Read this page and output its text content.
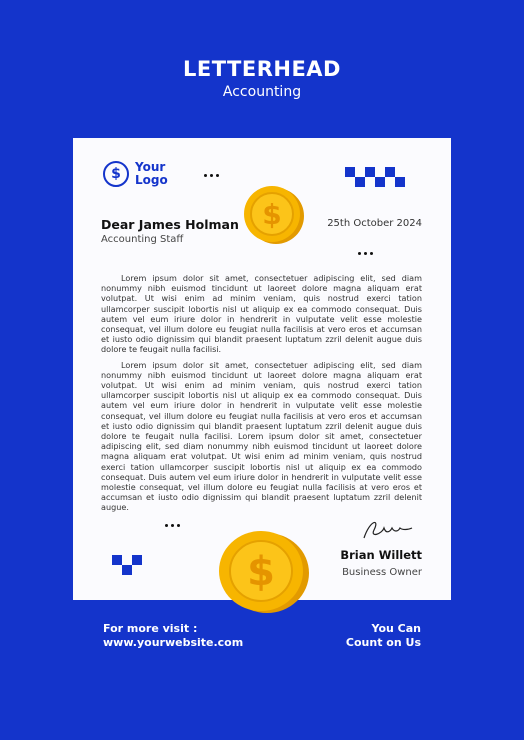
LETTERHEAD
Accounting
$	Your
Logo
$
Dear James Holman
Accounting Staff
25th October 2024

Lorem ipsum dolor sit amet, consectetuer adipiscing elit, sed diam nonummy nibh euismod tincidunt ut laoreet dolore magna aliquam erat volutpat. Ut wisi enim ad minim veniam, quis nostrud exerci tation ullamcorper suscipit lobortis nisl ut aliquip ex ea commodo consequat. Duis autem vel eum iriure dolor in hendrerit in vulputate velit esse molestie consequat, vel illum dolore eu feugiat nulla facilisis at vero eros et accumsan et iusto odio dignissim qui blandit praesent luptatum zzril delenit augue duis dolore te feugait nulla facilisi.

Lorem ipsum dolor sit amet, consectetuer adipiscing elit, sed diam nonummy nibh euismod tincidunt ut laoreet dolore magna aliquam erat volutpat. Ut wisi enim ad minim veniam, quis nostrud exerci tation ullamcorper suscipit lobortis nisl ut aliquip ex ea commodo consequat. Duis autem vel eum iriure dolor in hendrerit in vulputate velit esse molestie consequat, vel illum dolore eu feugiat nulla facilisis at vero eros et accumsan et iusto odio dignissim qui blandit praesent luptatum zzril delenit augue duis dolore te feugait nulla facilisi. Lorem ipsum dolor sit amet, consectetuer adipiscing elit, sed diam nonummy nibh euismod tincidunt ut laoreet dolore magna aliquam erat volutpat. Ut wisi enim ad minim veniam, quis nostrud exerci tation ullamcorper suscipit lobortis nisl ut aliquip ex ea commodo consequat. Duis autem vel eum iriure dolor in hendrerit in vulputate velit esse molestie consequat, vel illum dolore eu feugiat nulla facilisis at vero eros et accumsan et iusto odio dignissim qui blandit praesent luptatum zzril delenit augue.

Brian Willett
Business Owner
For more visit :
www.yourwebsite.com
You Can
Count on Us
$
